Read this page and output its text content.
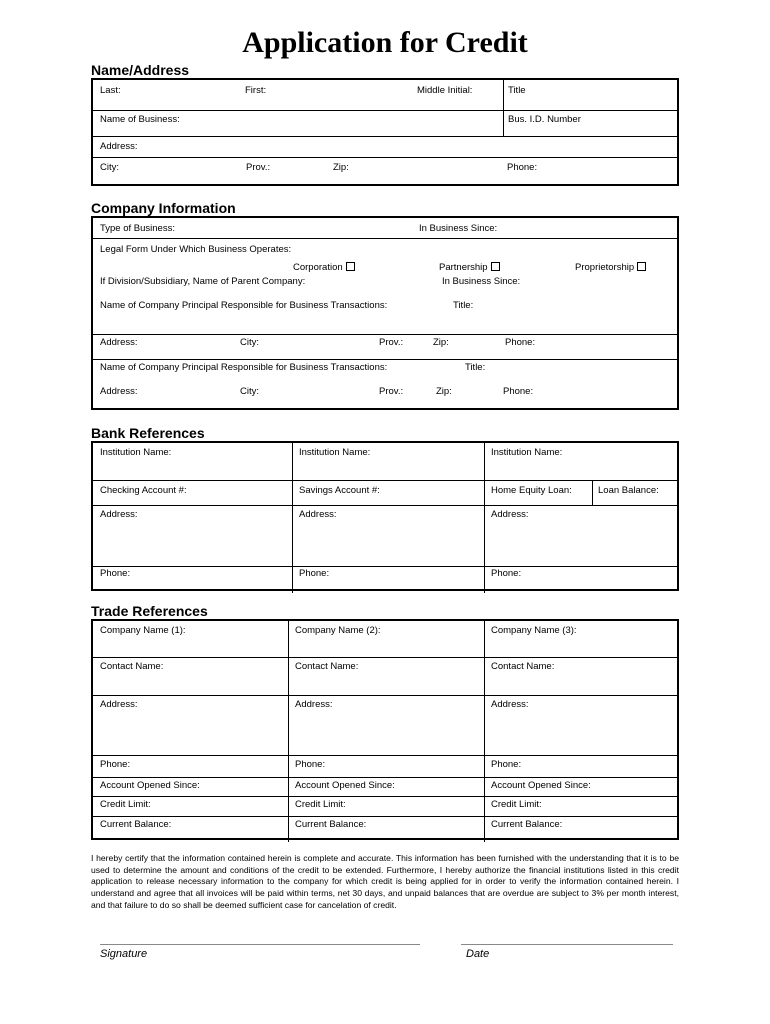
Application for Credit
Name/Address
Last:	First:	Middle Initial:	Title
Name of Business:	Bus. I.D. Number
Address:
City:	Prov.:	Zip:	Phone:
Company Information
Type of Business:	In Business Since:
Legal Form Under Which Business Operates:
Corporation	Partnership	Proprietorship
If Division/Subsidiary, Name of Parent Company:	In Business Since:
Name of Company Principal Responsible for Business Transactions:	Title:
Address:	City:	Prov.:	Zip:	Phone:
Name of Company Principal Responsible for Business Transactions:	Title:
Address:	City:	Prov.:	Zip:	Phone:
Bank References
Institution Name:	Institution Name:	Institution Name:
Checking Account #:	Savings Account #:	Home Equity Loan:	Loan Balance:
Address:	Address:	Address:
Phone:	Phone:	Phone:
Trade References
Company Name (1):	Company Name (2):	Company Name (3):
Contact Name:	Contact Name:	Contact Name:
Address:	Address:	Address:
Phone:	Phone:	Phone:
Account Opened Since:	Account Opened Since:	Account Opened Since:
Credit Limit:	Credit Limit:	Credit Limit:
Current Balance:	Current Balance:	Current Balance:
I hereby certify that the information contained herein is complete and accurate. This information has been furnished with the understanding that it is to be used to determine the amount and conditions of the credit to be extended. Furthermore, I hereby authorize the financial institutions listed in this credit application to release necessary information to the company for which credit is being applied for in order to verify the information contained herein. I understand and agree that all invoices will be paid within terms, net 30 days, and unpaid balances that are overdue are subject to 3% per month interest, and that failure to do so shall be deemed sufficient case for cancelation of credit.
Signature	Date
